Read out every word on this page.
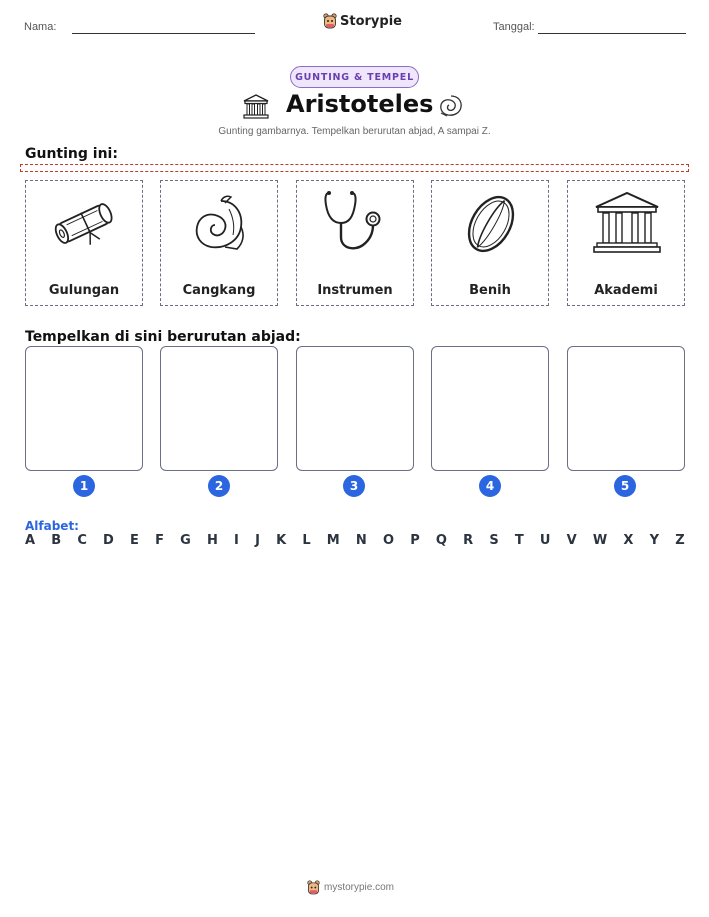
Nama:	Storypie	Tanggal:
GUNTING & TEMPEL
Aristoteles
Gunting gambarnya. Tempelkan berurutan abjad, A sampai Z.
Gunting ini:
Gulungan	Cangkang	Instrumen	Benih	Akademi
Tempelkan di sini berurutan abjad:
1	2	3	4	5
Alfabet:
A B C D E F G H I J K L M N O P Q R S T U V W X Y Z
mystorypie.com
